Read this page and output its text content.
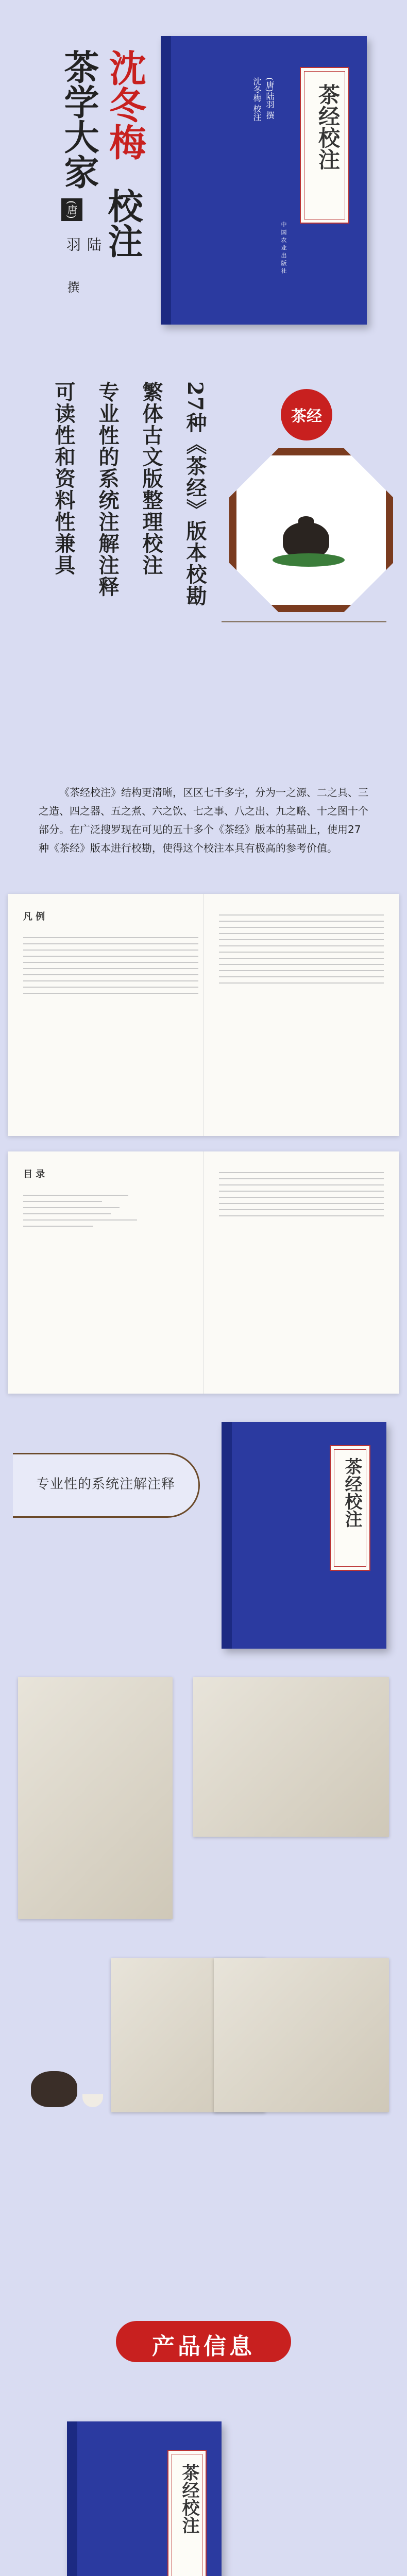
茶学大家 沈冬梅
校注
(唐)
陆羽
撰
茶经校注
(唐)陆羽 撰
沈冬梅 校注
中国农业出版社
27种《茶经》版本校勘
繁体古文版整理校注
专业性的系统注解注释
可读性和资料性兼具	茶经

《茶经校注》结构更清晰，区区七千多字，分为一之源、二之具、三之造、四之器、五之煮、六之饮、七之事、八之出、九之略、十之图十个部分。在广泛搜罗现在可见的五十多个《茶经》版本的基础上，使用27种《茶经》版本进行校勘，使得这个校注本具有极高的参考价值。

凡 例
目 录
专业性的系统注解注释	茶经校注
产品信息
茶经校注
